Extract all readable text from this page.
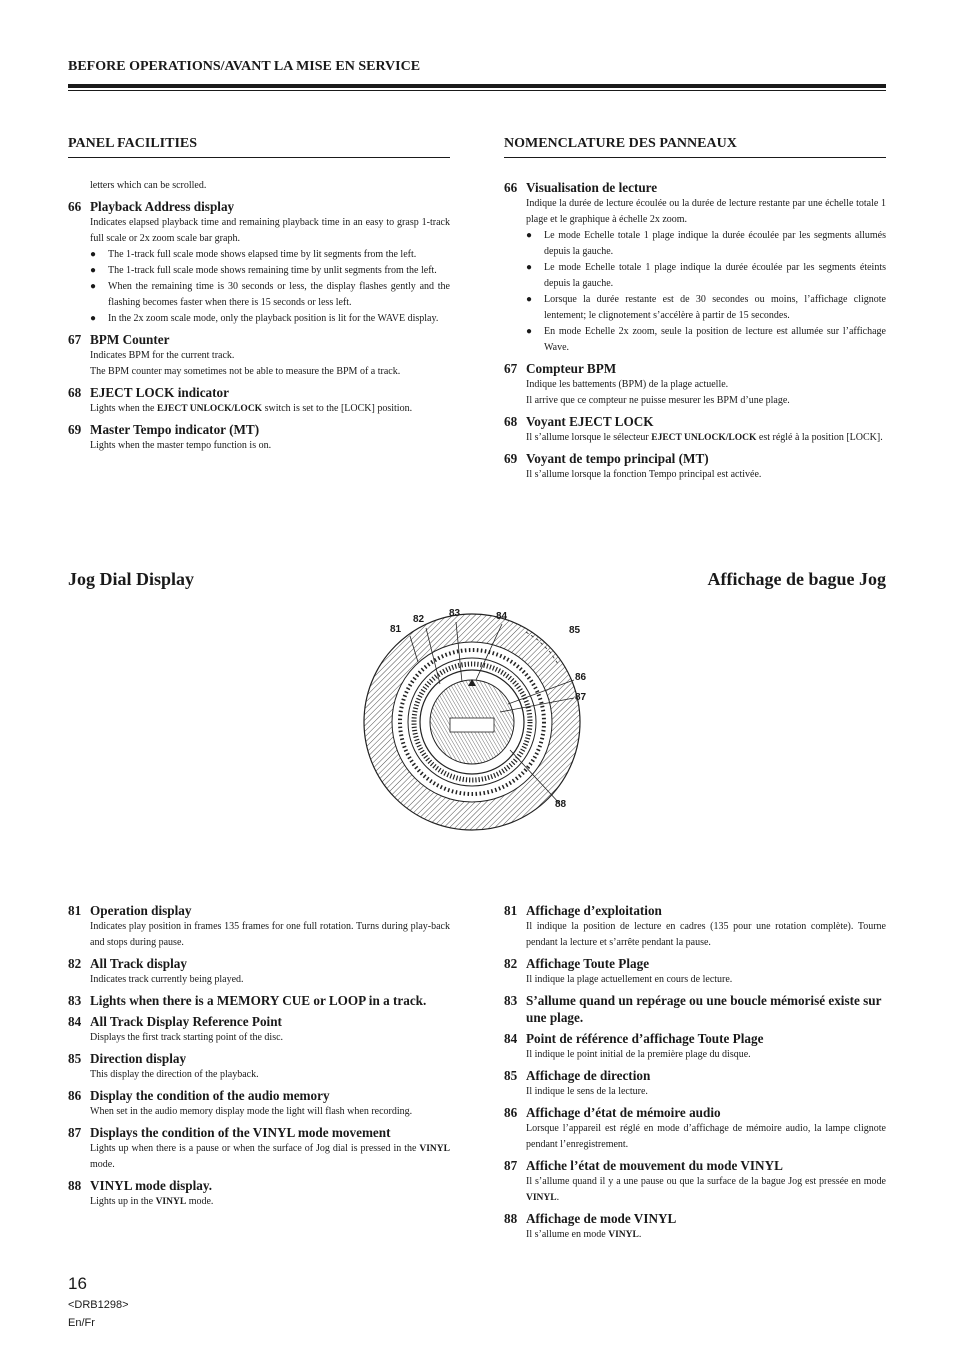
BEFORE OPERATIONS/AVANT LA MISE EN SERVICE
PANEL FACILITIES
letters which can be scrolled.
66 Playback Address display
Indicates elapsed playback time and remaining playback time in an easy to grasp 1-track full scale or 2x zoom scale bar graph.
● The 1-track full scale mode shows elapsed time by lit segments from the left.
● The 1-track full scale mode shows remaining time by unlit segments from the left.
● When the remaining time is 30 seconds or less, the display flashes gently and the flashing becomes faster when there is 15 seconds or less left.
● In the 2x zoom scale mode, only the playback position is lit for the WAVE display.
67 BPM Counter
Indicates BPM for the current track.
The BPM counter may sometimes not be able to measure the BPM of a track.
68 EJECT LOCK indicator
Lights when the EJECT UNLOCK/LOCK switch is set to the [LOCK] position.
69 Master Tempo indicator (MT)
Lights when the master tempo function is on.
NOMENCLATURE DES PANNEAUX
66 Visualisation de lecture
Indique la durée de lecture écoulée ou la durée de lecture restante par une échelle totale 1 plage et le graphique à échelle 2x zoom.
● Le mode Echelle totale 1 plage indique la durée écoulée par les segments allumés depuis la gauche.
● Le mode Echelle totale 1 plage indique la durée écoulée par les segments éteints depuis la gauche.
● Lorsque la durée restante est de 30 secondes ou moins, l’affichage clignote lentement; le clignotement s’accélère à partir de 15 secondes.
● En mode Echelle 2x zoom, seule la position de lecture est allumée sur l’affichage Wave.
67 Compteur BPM
Indique les battements (BPM) de la plage actuelle.
Il arrive que ce compteur ne puisse mesurer les BPM d’une plage.
68 Voyant EJECT LOCK
Il s’allume lorsque le sélecteur EJECT UNLOCK/LOCK est réglé à la position [LOCK].
69 Voyant de tempo principal (MT)
Il s’allume lorsque la fonction Tempo principal est activée.
Jog Dial Display	Affichage de bague Jog
81
82
83	84
85
86
87
88
81 Operation display
Indicates play position in frames 135 frames for one full rotation. Turns during play-back and stops during pause.
82 All Track display
Indicates track currently being played.
83 Lights when there is a MEMORY CUE or LOOP in a track.
84 All Track Display Reference Point
Displays the first track starting point of the disc.
85 Direction display
This display the direction of the playback.
86 Display the condition of the audio memory
When set in the audio memory display mode the light will flash when recording.
87 Displays the condition of the VINYL mode movement
Lights up when there is a pause or when the surface of Jog dial is pressed in the VINYL mode.
88 VINYL mode display.
Lights up in the VINYL mode.
81 Affichage d’exploitation
Il indique la position de lecture en cadres (135 pour une rotation complète). Tourne pendant la lecture et s’arrête pendant la pause.
82 Affichage Toute Plage
Il indique la plage actuellement en cours de lecture.
83 S’allume quand un repérage ou une boucle mémorisé existe sur une plage.
84 Point de référence d’affichage Toute Plage
Il indique le point initial de la première plage du disque.
85 Affichage de direction
Il indique le sens de la lecture.
86 Affichage d’état de mémoire audio
Lorsque l’appareil est réglé en mode d’affichage de mémoire audio, la lampe clignote pendant l’enregistrement.
87 Affiche l’état de mouvement du mode VINYL
Il s’allume quand il y a une pause ou que la surface de la bague Jog est pressée en mode VINYL.
88 Affichage de mode VINYL
Il s’allume en mode VINYL.
16
<DRB1298>
En/Fr
